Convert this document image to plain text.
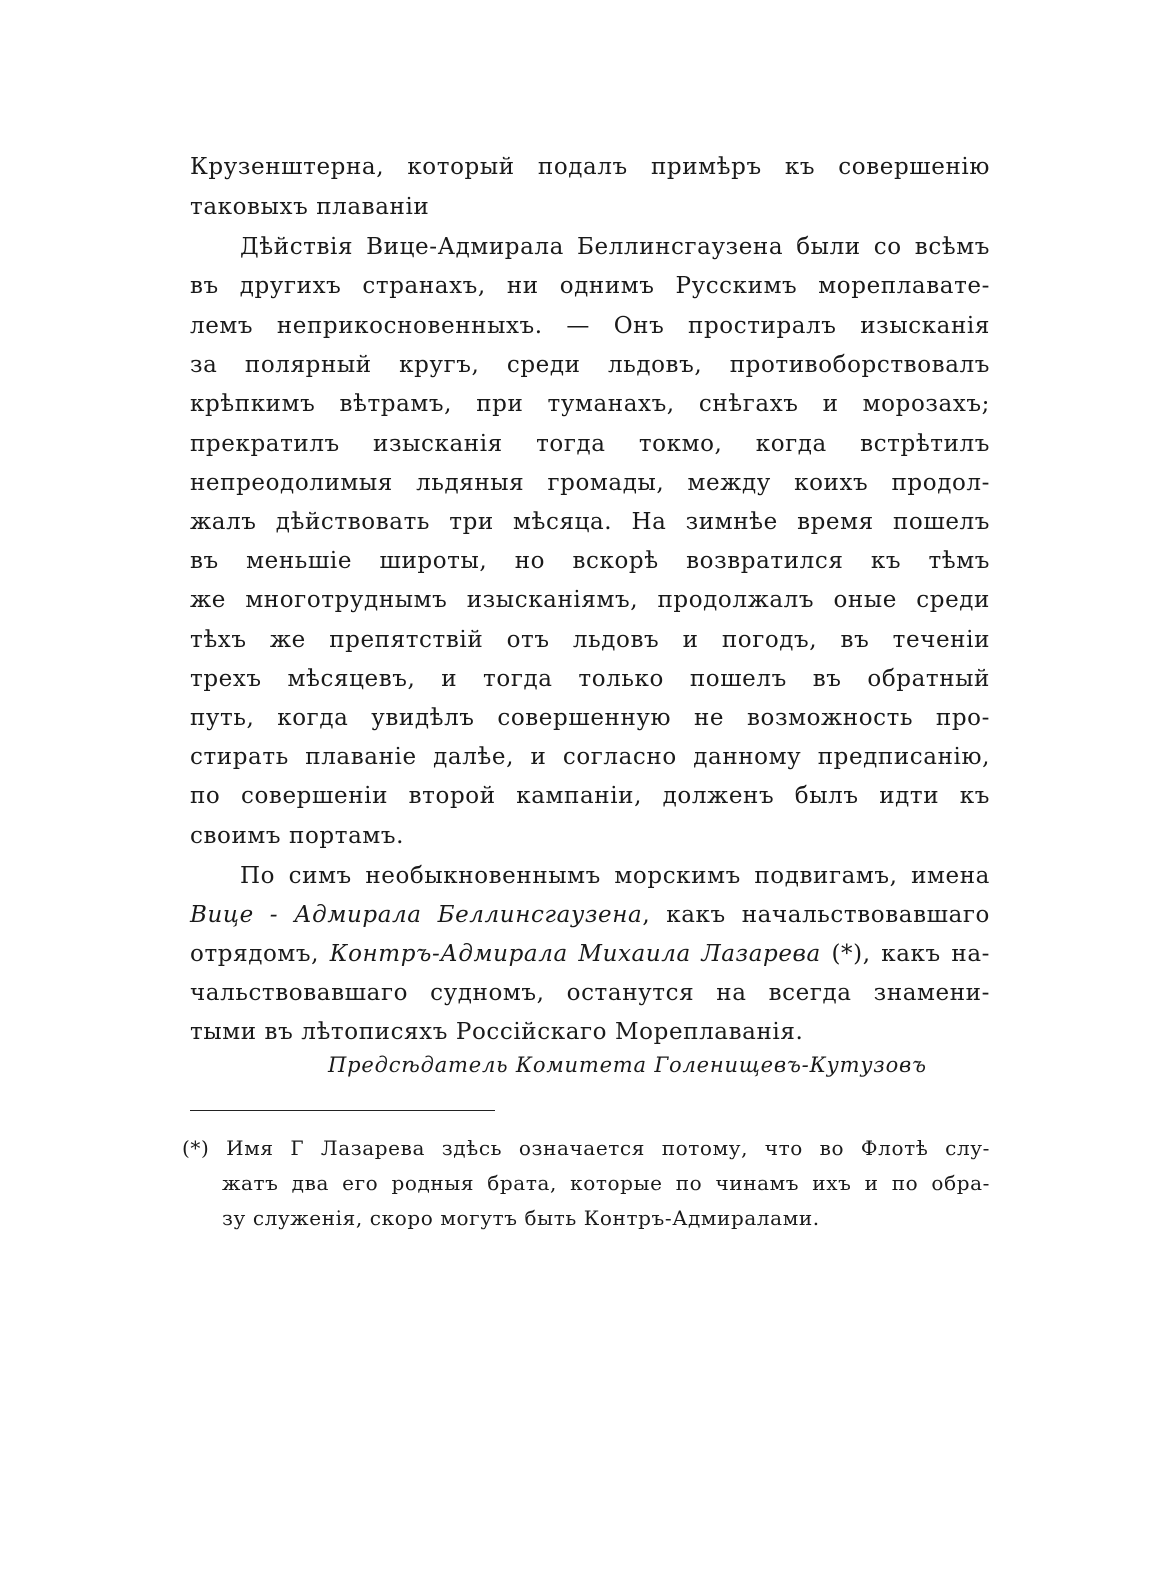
Крузенштерна, который подалъ примѣръ къ совершенію
таковыхъ плаваніи
Дѣйствія Вице-Адмирала Беллинсгаузена были со всѣмъ
въ другихъ странахъ, ни однимъ Русскимъ мореплавате-
лемъ неприкосновенныхъ. — Онъ простиралъ изысканія
за полярный кругъ, среди льдовъ, противоборствовалъ
крѣпкимъ вѣтрамъ, при туманахъ, снѣгахъ и морозахъ;
прекратилъ изысканія тогда токмо, когда встрѣтилъ
непреодолимыя льдяныя громады, между коихъ продол-
жалъ дѣйствовать три мѣсяца. На зимнѣе время пошелъ
въ меньшіе широты, но вскорѣ возвратился къ тѣмъ
же многотруднымъ изысканіямъ, продолжалъ оные среди
тѣхъ же препятствій отъ льдовъ и погодъ, въ теченіи
трехъ мѣсяцевъ, и тогда только пошелъ въ обратный
путь, когда увидѣлъ совершенную не возможность про-
стирать плаваніе далѣе, и согласно данному предписанію,
по совершеніи второй кампаніи, долженъ былъ идти къ
своимъ портамъ.
По симъ необыкновеннымъ морскимъ подвигамъ, имена
Вице - Адмирала Беллинсгаузена, какъ начальствовавшаго
отрядомъ, Контръ-Адмирала Михаила Лазарева (*), какъ на-
чальствовавшаго судномъ, останутся на всегда знамени-
тыми въ лѣтописяхъ Россійскаго Мореплаванія.
Предсѣдатель Комитета Голенищевъ-Кутузовъ
(*) Имя Г Лазарева здѣсь означается потому, что во Флотѣ слу-
жатъ два его родныя брата, которые по чинамъ ихъ и по обра-
зу служенія, скоро могутъ быть Контръ-Адмиралами.
